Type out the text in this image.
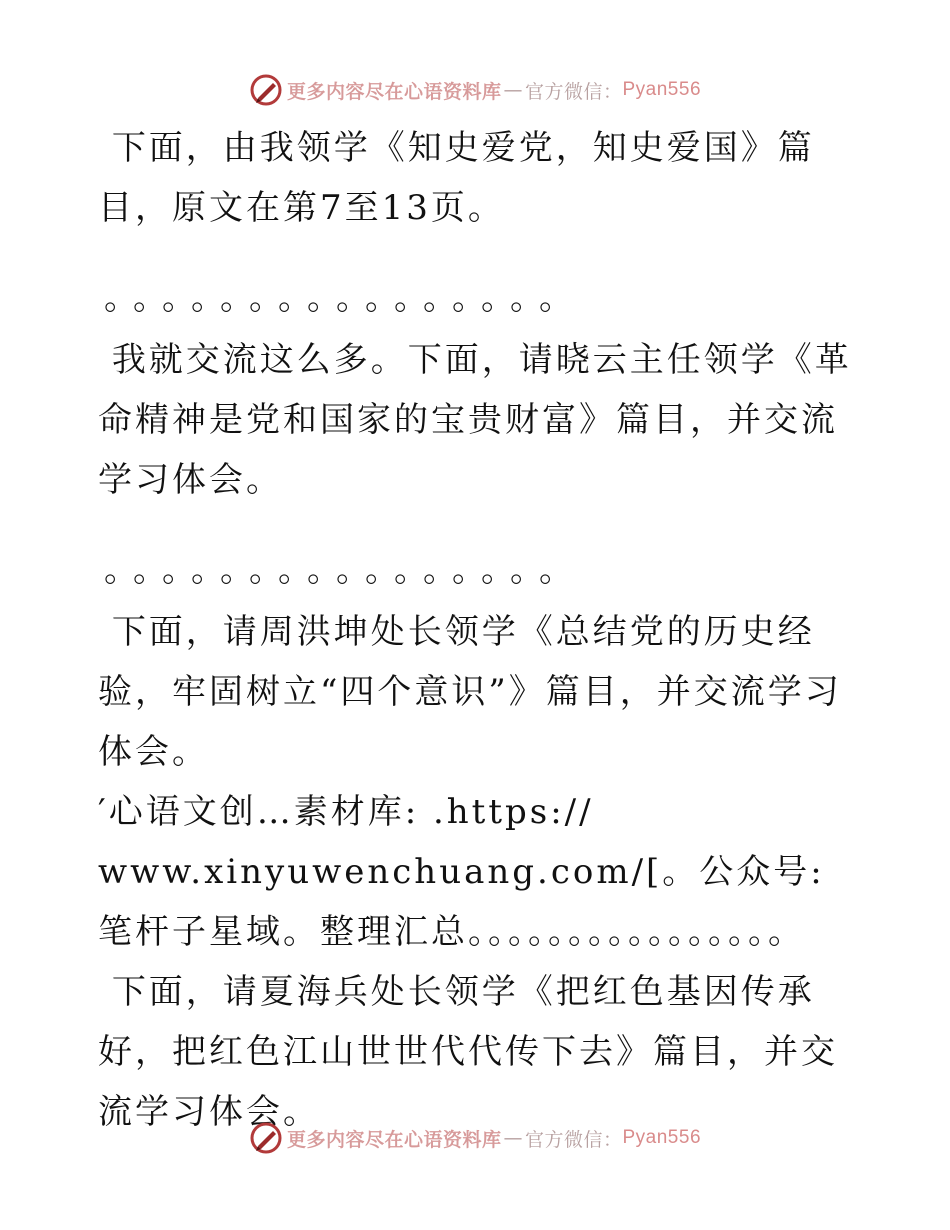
更多内容尽在心语资料库 — 官方微信： Pyan556

下面，由我领学《知史爱党，知史爱国》篇目，原文在第7至13页。

。。。。。。。。。。。。。。。。

我就交流这么多。下面，请晓云主任领学《革命精神是党和国家的宝贵财富》篇目，并交流学习体会。

。。。。。。。。。。。。。。。。

下面，请周洪坤处长领学《总结党的历史经验，牢固树立“四个意识”》篇目，并交流学习体会。

′心语文创…素材库: .https://

www.xinyuwenchuang.com/[。公众号: 笔杆子星域。整理汇总。。。。。。。。。。。。。。。。

下面，请夏海兵处长领学《把红色基因传承好，把红色江山世世代代传下去》篇目，并交流学习体会。

更多内容尽在心语资料库 — 官方微信： Pyan556
